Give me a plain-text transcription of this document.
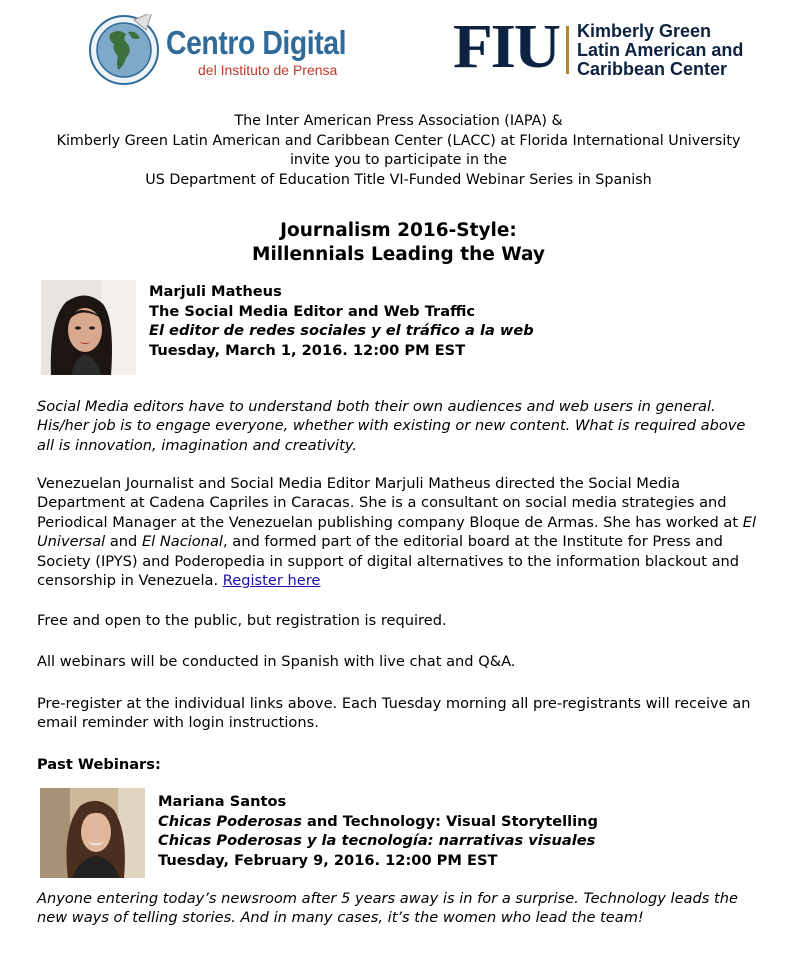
Centro Digital
del Instituto de Prensa FIU Kimberly Green
Latin American and
Caribbean Center
The Inter American Press Association (IAPA) &
Kimberly Green Latin American and Caribbean Center (LACC) at Florida International University
invite you to participate in the
US Department of Education Title VI-Funded Webinar Series in Spanish
Journalism 2016-Style:
Millennials Leading the Way
Marjuli Matheus
The Social Media Editor and Web Traffic
El editor de redes sociales y el tráfico a la web
Tuesday, March 1, 2016. 12:00 PM EST
Social Media editors have to understand both their own audiences and web users in general. His/her job is to engage everyone, whether with existing or new content. What is required above all is innovation, imagination and creativity.
Venezuelan Journalist and Social Media Editor Marjuli Matheus directed the Social Media Department at Cadena Capriles in Caracas. She is a consultant on social media strategies and Periodical Manager at the Venezuelan publishing company Bloque de Armas. She has worked at El Universal and El Nacional, and formed part of the editorial board at the Institute for Press and Society (IPYS) and Poderopedia in support of digital alternatives to the information blackout and censorship in Venezuela. Register here
Free and open to the public, but registration is required.
All webinars will be conducted in Spanish with live chat and Q&A.
Pre-register at the individual links above. Each Tuesday morning all pre-registrants will receive an email reminder with login instructions.
Past Webinars:
Mariana Santos
Chicas Poderosas and Technology: Visual Storytelling
Chicas Poderosas y la tecnología: narrativas visuales
Tuesday, February 9, 2016. 12:00 PM EST
Anyone entering today’s newsroom after 5 years away is in for a surprise. Technology leads the new ways of telling stories. And in many cases, it’s the women who lead the team!
